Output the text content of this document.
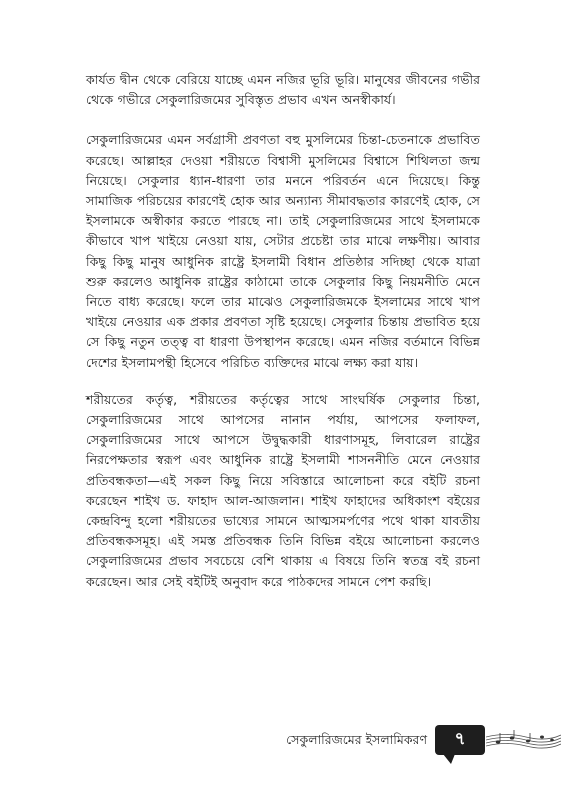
কার্যত দ্বীন থেকে বেরিয়ে যাচ্ছে এমন নজির ভূরি ভূরি। মানুষের জীবনের গভীর থেকে গভীরে সেকুলারিজমের সুবিস্তৃত প্রভাব এখন অনস্বীকার্য।

সেকুলারিজমের এমন সর্বগ্রাসী প্রবণতা বহু মুসলিমের চিন্তা-চেতনাকে প্রভাবিত করেছে। আল্লাহর দেওয়া শরীয়তে বিশ্বাসী মুসলিমের বিশ্বাসে শিথিলতা জন্ম নিয়েছে। সেকুলার ধ্যান-ধারণা তার মননে পরিবর্তন এনে দিয়েছে। কিন্তু সামাজিক পরিচয়ের কারণেই হোক আর অন্যান্য সীমাবদ্ধতার কারণেই হোক, সে ইসলামকে অস্বীকার করতে পারছে না। তাই সেকুলারিজমের সাথে ইসলামকে কীভাবে খাপ খাইয়ে নেওয়া যায়, সেটার প্রচেষ্টা তার মাঝে লক্ষণীয়। আবার কিছু কিছু মানুষ আধুনিক রাষ্ট্রে ইসলামী বিধান প্রতিষ্ঠার সদিচ্ছা থেকে যাত্রা শুরু করলেও আধুনিক রাষ্ট্রের কাঠামো তাকে সেকুলার কিছু নিয়মনীতি মেনে নিতে বাধ্য করেছে। ফলে তার মাঝেও সেকুলারিজমকে ইসলামের সাথে খাপ খাইয়ে নেওয়ার এক প্রকার প্রবণতা সৃষ্টি হয়েছে। সেকুলার চিন্তায় প্রভাবিত হয়ে সে কিছু নতুন তত্ত্ব বা ধারণা উপস্থাপন করেছে। এমন নজির বর্তমানে বিভিন্ন দেশের ইসলামপন্থী হিসেবে পরিচিত ব্যক্তিদের মাঝে লক্ষ্য করা যায়।

শরীয়তের কর্তৃত্ব, শরীয়তের কর্তৃত্বের সাথে সাংঘর্ষিক সেকুলার চিন্তা, সেকুলারিজমের সাথে আপসের নানান পর্যায়, আপসের ফলাফল, সেকুলারিজমের সাথে আপসে উদ্বুদ্ধকারী ধারণাসমূহ, লিবারেল রাষ্ট্রের নিরপেক্ষতার স্বরূপ এবং আধুনিক রাষ্ট্রে ইসলামী শাসননীতি মেনে নেওয়ার প্রতিবন্ধকতা—এই সকল কিছু নিয়ে সবিস্তারে আলোচনা করে বইটি রচনা করেছেন শাইখ ড. ফাহাদ আল-আজলান। শাইখ ফাহাদের অধিকাংশ বইয়ের কেন্দ্রবিন্দু হলো শরীয়তের ভাষ্যের সামনে আত্মসমর্পণের পথে থাকা যাবতীয় প্রতিবন্ধকসমূহ। এই সমস্ত প্রতিবন্ধক তিনি বিভিন্ন বইয়ে আলোচনা করলেও সেকুলারিজমের প্রভাব সবচেয়ে বেশি থাকায় এ বিষয়ে তিনি স্বতন্ত্র বই রচনা করেছেন। আর সেই বইটিই অনুবাদ করে পাঠকদের সামনে পেশ করছি।

সেকুলারিজমের ইসলামিকরণ ৭
